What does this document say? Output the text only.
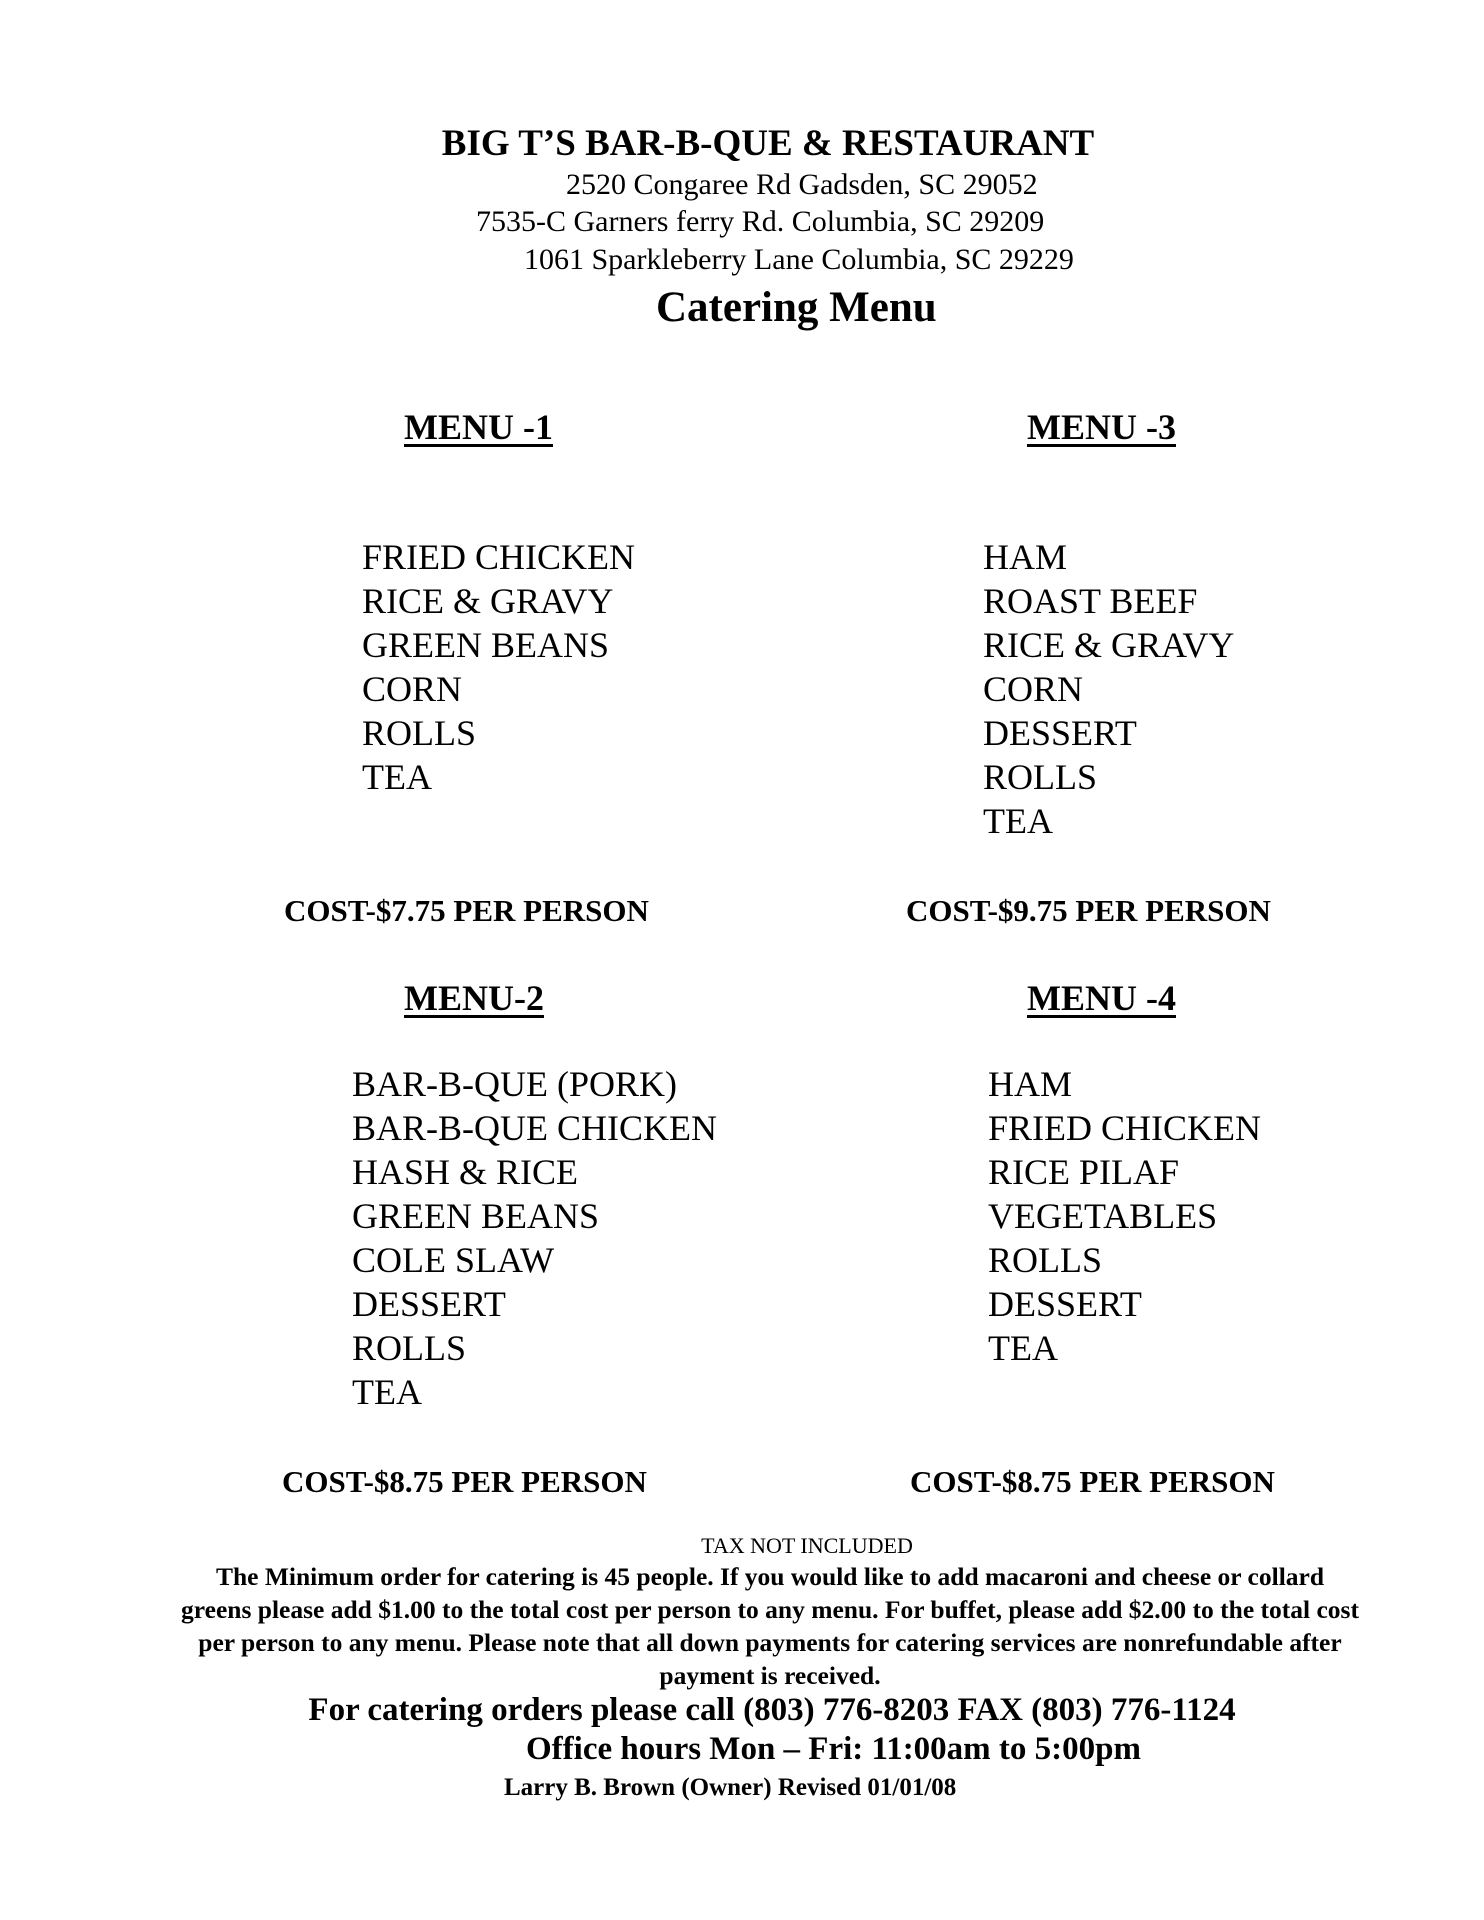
BIG T’S BAR-B-QUE & RESTAURANT
2520 Congaree Rd Gadsden, SC 29052
7535-C Garners ferry Rd. Columbia, SC 29209
1061 Sparkleberry Lane Columbia, SC 29229
Catering Menu
MENU -1
FRIED CHICKEN
RICE & GRAVY
GREEN BEANS
CORN
ROLLS
TEA
COST-$7.75 PER PERSON
MENU -3
HAM
ROAST BEEF
RICE & GRAVY
CORN
DESSERT
ROLLS
TEA
COST-$9.75 PER PERSON
MENU-2
BAR-B-QUE (PORK)
BAR-B-QUE CHICKEN
HASH & RICE
GREEN BEANS
COLE SLAW
DESSERT
ROLLS
TEA
COST-$8.75 PER PERSON
MENU -4
HAM
FRIED CHICKEN
RICE PILAF
VEGETABLES
ROLLS
DESSERT
TEA
COST-$8.75 PER PERSON
TAX NOT INCLUDED
The Minimum order for catering is 45 people. If you would like to add macaroni and cheese or collard greens please add $1.00 to the total cost per person to any menu. For buffet, please add $2.00 to the total cost per person to any menu. Please note that all down payments for catering services are nonrefundable after payment is received.
For catering orders please call (803) 776-8203 FAX (803) 776-1124
Office hours Mon – Fri: 11:00am to 5:00pm
Larry B. Brown (Owner) Revised 01/01/08
